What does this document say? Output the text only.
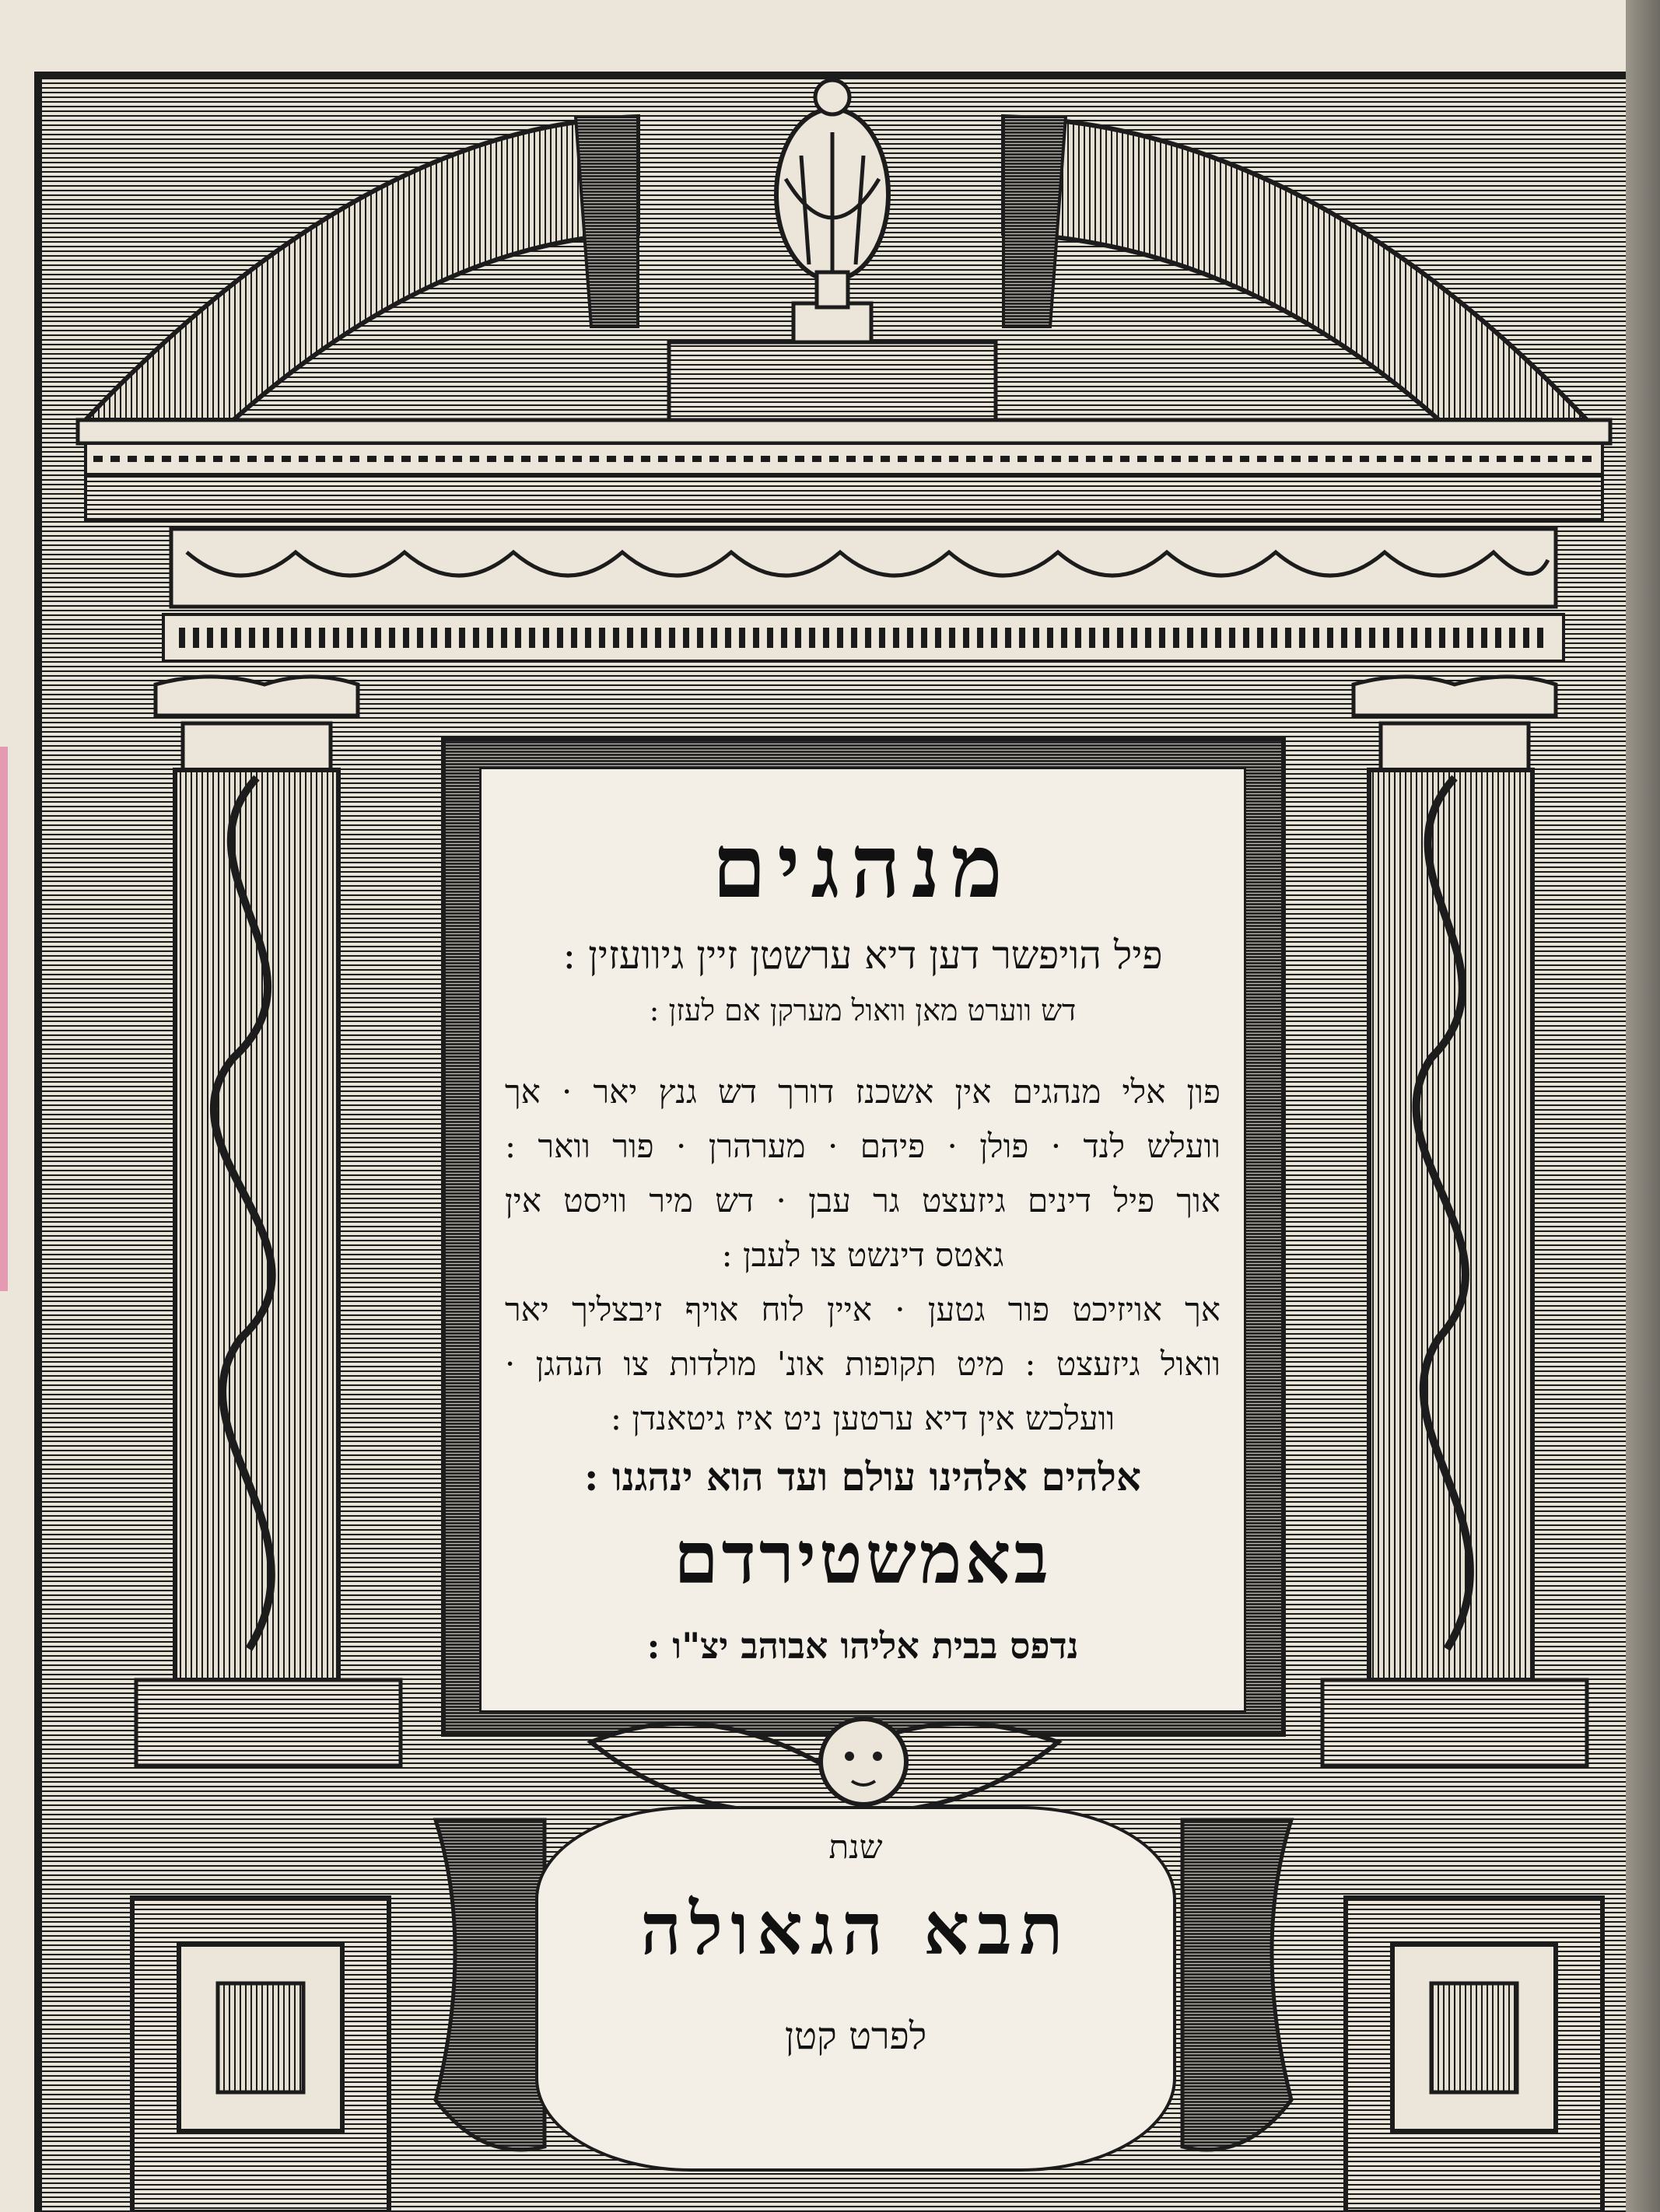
מנהגים
פיל הויפשר דען דיא ערשטן זיין גיוועזין :
דש ווערט מאן וואול מערקן אם לעזן :
פון אלי מנהגים אין אשכנז דורך דש גנץ יאר · אך
וועלש לנד · פולן · פיהם · מערהרן · פור וואר :
אוך פיל דינים גיזעצט גר עבן · דש מיר וויסט אין
גאטס דינשט צו לעבן :
אך אויזיכט פור גטען · איין לוח אויף זיבצליך יאר
וואול גיזעצט : מיט תקופות אונ' מולדות צו הנהגן ·
וועלכש אין דיא ערטען ניט איז גיטאנדן :
אלהים אלהינו עולם ועד הוא ינהגנו :
באמשטירדם
נדפס בבית אליהו אבוהב יצ"ו :
שנת
תבא הגאולה
לפרט קטן
